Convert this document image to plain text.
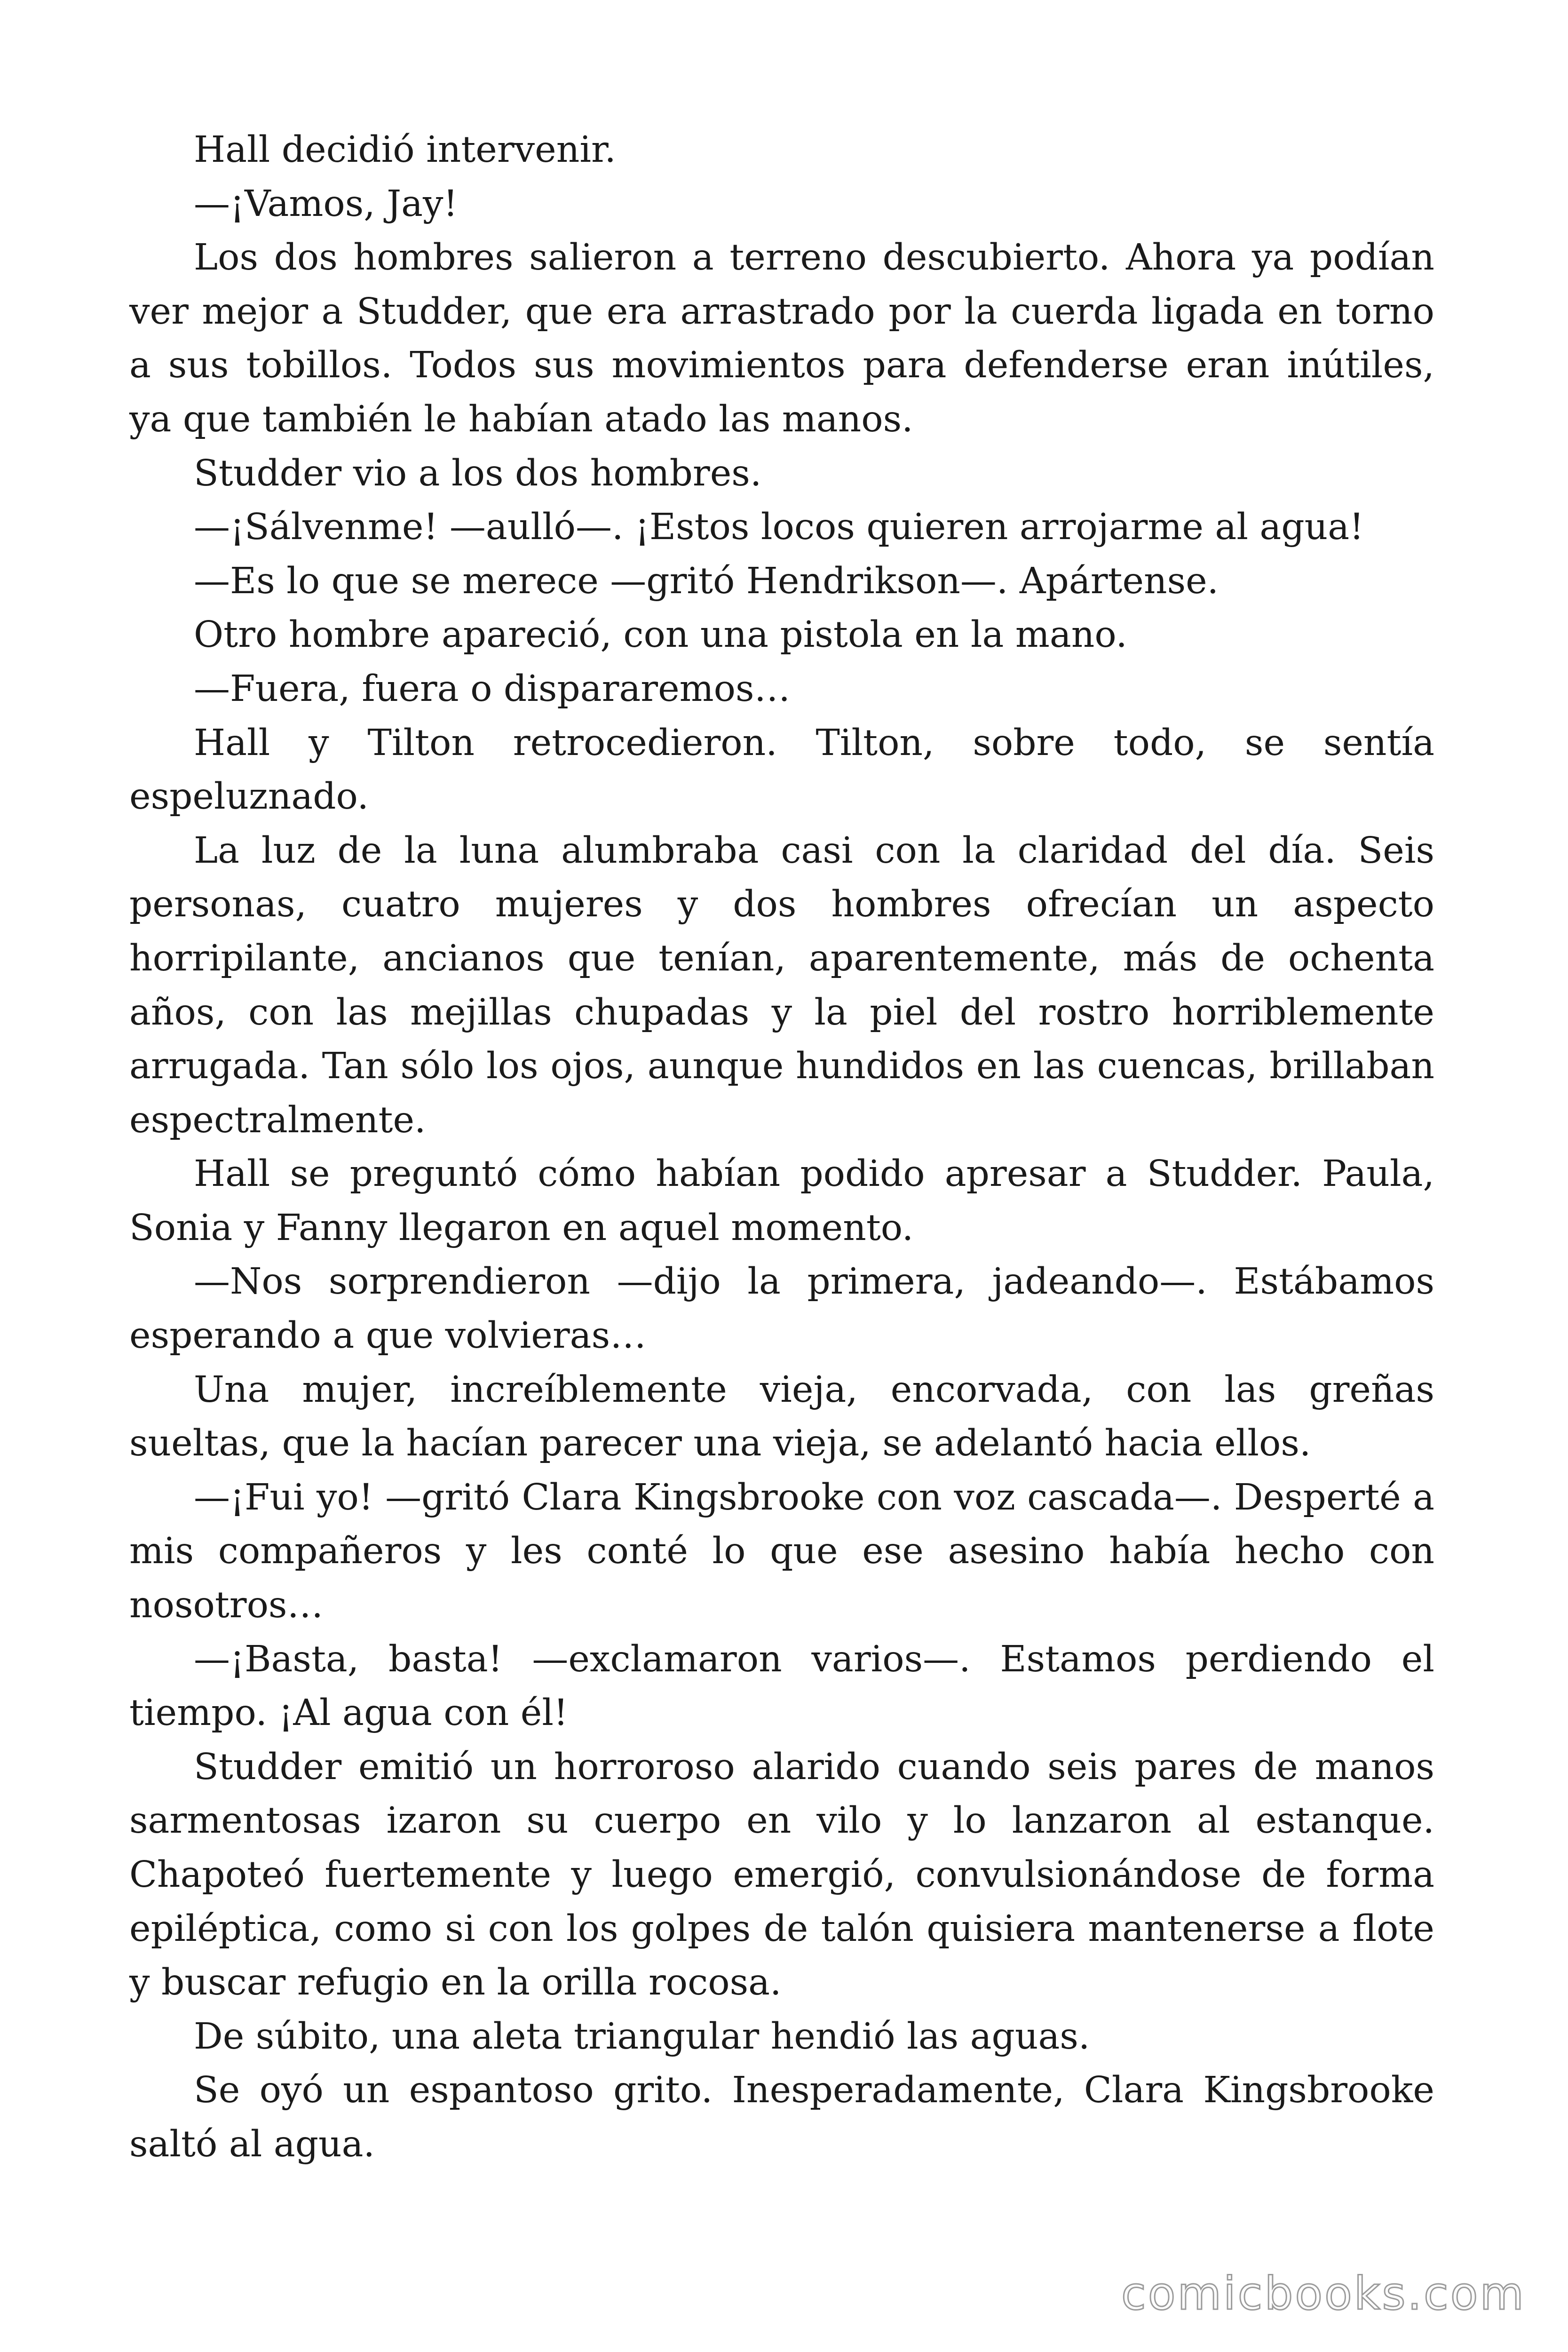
Hall decidió intervenir.

—¡Vamos, Jay!

Los dos hombres salieron a terreno descubierto. Ahora ya podían ver mejor a Studder, que era arrastrado por la cuerda ligada en torno a sus tobillos. Todos sus movimientos para defenderse eran inútiles, ya que también le habían atado las manos.

Studder vio a los dos hombres.

—¡Sálvenme! —aulló—. ¡Estos locos quieren arrojarme al agua!

—Es lo que se merece —gritó Hendrikson—. Apártense.

Otro hombre apareció, con una pistola en la mano.

—Fuera, fuera o dispararemos…

Hall y Tilton retrocedieron. Tilton, sobre todo, se sentía espeluznado.

La luz de la luna alumbraba casi con la claridad del día. Seis personas, cuatro mujeres y dos hombres ofrecían un aspecto horripilante, ancianos que tenían, aparentemente, más de ochenta años, con las mejillas chupadas y la piel del rostro horriblemente arrugada. Tan sólo los ojos, aunque hundidos en las cuencas, brillaban espectralmente.

Hall se preguntó cómo habían podido apresar a Studder. Paula, Sonia y Fanny llegaron en aquel momento.

—Nos sorprendieron —dijo la primera, jadeando—. Estábamos esperando a que volvieras…

Una mujer, increíblemente vieja, encorvada, con las greñas sueltas, que la hacían parecer una vieja, se adelantó hacia ellos.

—¡Fui yo! —gritó Clara Kingsbrooke con voz cascada—. Desperté a mis compañeros y les conté lo que ese asesino había hecho con nosotros…

—¡Basta, basta! —exclamaron varios—. Estamos perdiendo el tiempo. ¡Al agua con él!

Studder emitió un horroroso alarido cuando seis pares de manos sarmentosas izaron su cuerpo en vilo y lo lanzaron al estanque. Chapoteó fuertemente y luego emergió, convulsionándose de forma epiléptica, como si con los golpes de talón quisiera mantenerse a flote y buscar refugio en la orilla rocosa.

De súbito, una aleta triangular hendió las aguas.

Se oyó un espantoso grito. Inesperadamente, Clara Kingsbrooke saltó al agua.

comicbooks.com
